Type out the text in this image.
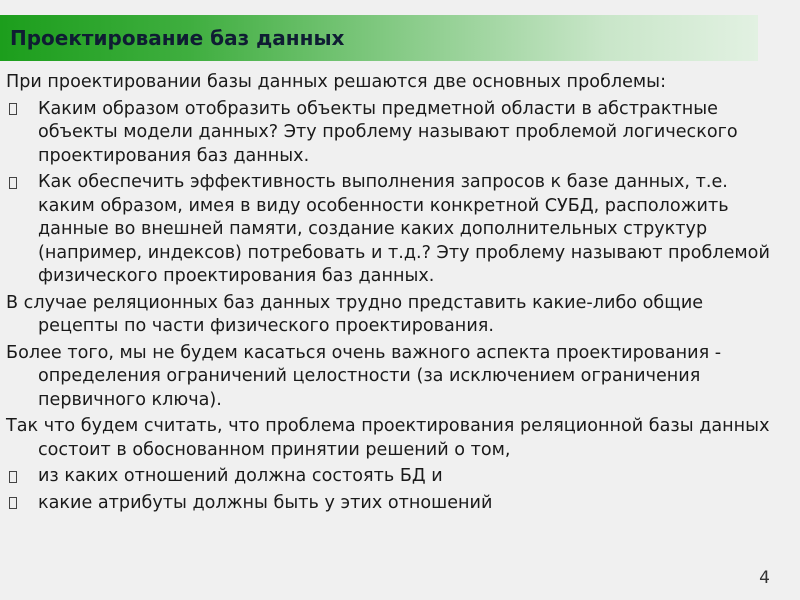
Проектирование баз данных

При проектировании базы данных решаются две основных проблемы:

Каким образом отобразить объекты предметной области в абстрактные объекты модели данных? Эту проблему называют проблемой логического проектирования баз данных.
Как обеспечить эффективность выполнения запросов к базе данных, т.е. каким образом, имея в виду особенности конкретной СУБД, расположить данные во внешней памяти, создание каких дополнительных структур (например, индексов) потребовать и т.д.? Эту проблему называют проблемой физического проектирования баз данных.

В случае реляционных баз данных трудно представить какие-либо общие рецепты по части физического проектирования.

Более того, мы не будем касаться очень важного аспекта проектирования - определения ограничений целостности (за исключением ограничения первичного ключа).

Так что будем считать, что проблема проектирования реляционной базы данных состоит в обоснованном принятии решений о том,

из каких отношений должна состоять БД и
какие атрибуты должны быть у этих отношений
4
